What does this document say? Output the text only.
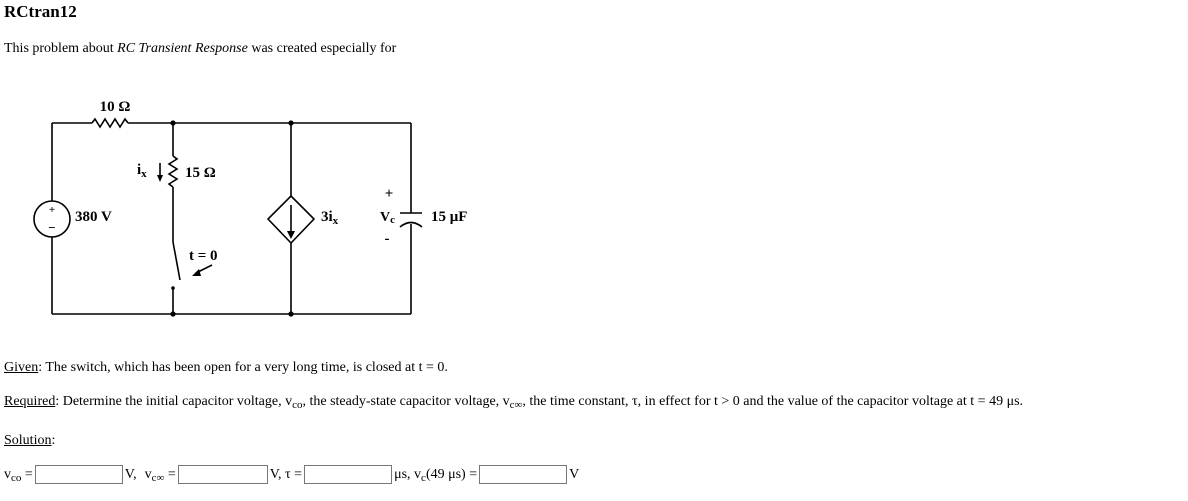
RCtran12
This problem about RC Transient Response was created especially for
10 Ω
15 Ω
+
−
380 V
$i_x$
t = 0
$3i_x$
+
Vc
-
15 μF
Given: The switch, which has been open for a very long time, is closed at t = 0.
Required: Determine the initial capacitor voltage, $v_{co}$, the steady-state capacitor voltage, $v_{c\infty}$, the time constant, τ, in effect for t > 0 and the value of the capacitor voltage at t = 49 μs.
Solution:
$v_{co}$ =	V, $v_{c\infty}$ =	V, τ =	μs, $v_c(49$ μs) =	V
